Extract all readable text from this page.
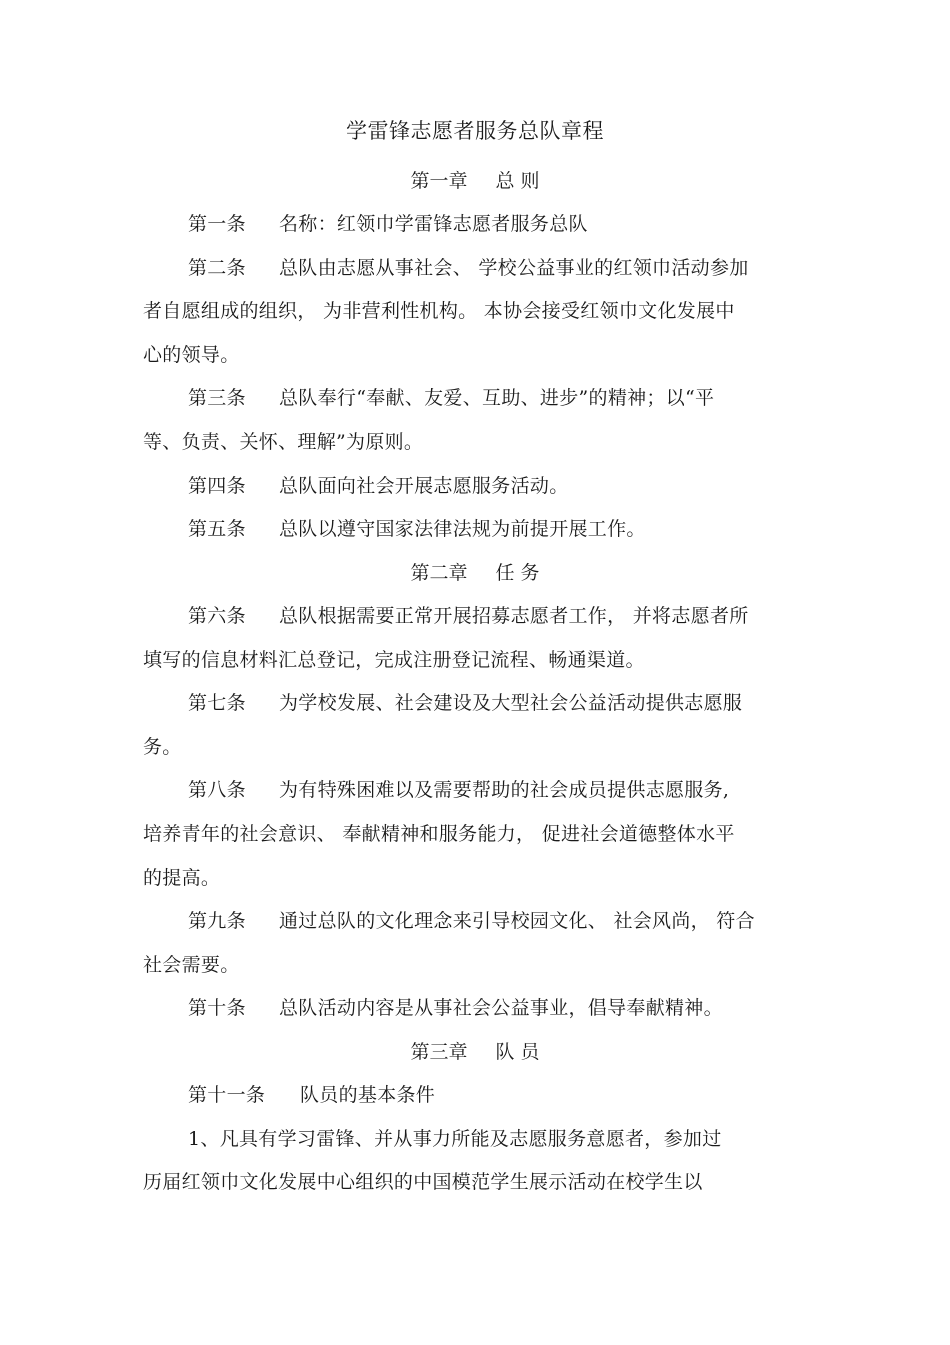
学雷锋志愿者服务总队章程
第一章 总 则
第一条 名称：红领巾学雷锋志愿者服务总队
第二条 总队由志愿从事社会、 学校公益事业的红领巾活动参加
者自愿组成的组织， 为非营利性机构。 本协会接受红领巾文化发展中
心的领导。
第三条 总队奉行“奉献、友爱、互助、进步”的精神；以“平
等、负责、关怀、理解”为原则。
第四条 总队面向社会开展志愿服务活动。
第五条 总队以遵守国家法律法规为前提开展工作。
第二章 任 务
第六条 总队根据需要正常开展招募志愿者工作， 并将志愿者所
填写的信息材料汇总登记，完成注册登记流程、畅通渠道。
第七条 为学校发展、社会建设及大型社会公益活动提供志愿服
务。
第八条 为有特殊困难以及需要帮助的社会成员提供志愿服务,
培养青年的社会意识、 奉献精神和服务能力， 促进社会道德整体水平
的提高。
第九条 通过总队的文化理念来引导校园文化、 社会风尚， 符合
社会需要。
第十条 总队活动内容是从事社会公益事业，倡导奉献精神。
第三章 队 员
第十一条 队员的基本条件
1、凡具有学习雷锋、并从事力所能及志愿服务意愿者，参加过
历届红领巾文化发展中心组织的中国模范学生展示活动在校学生以
